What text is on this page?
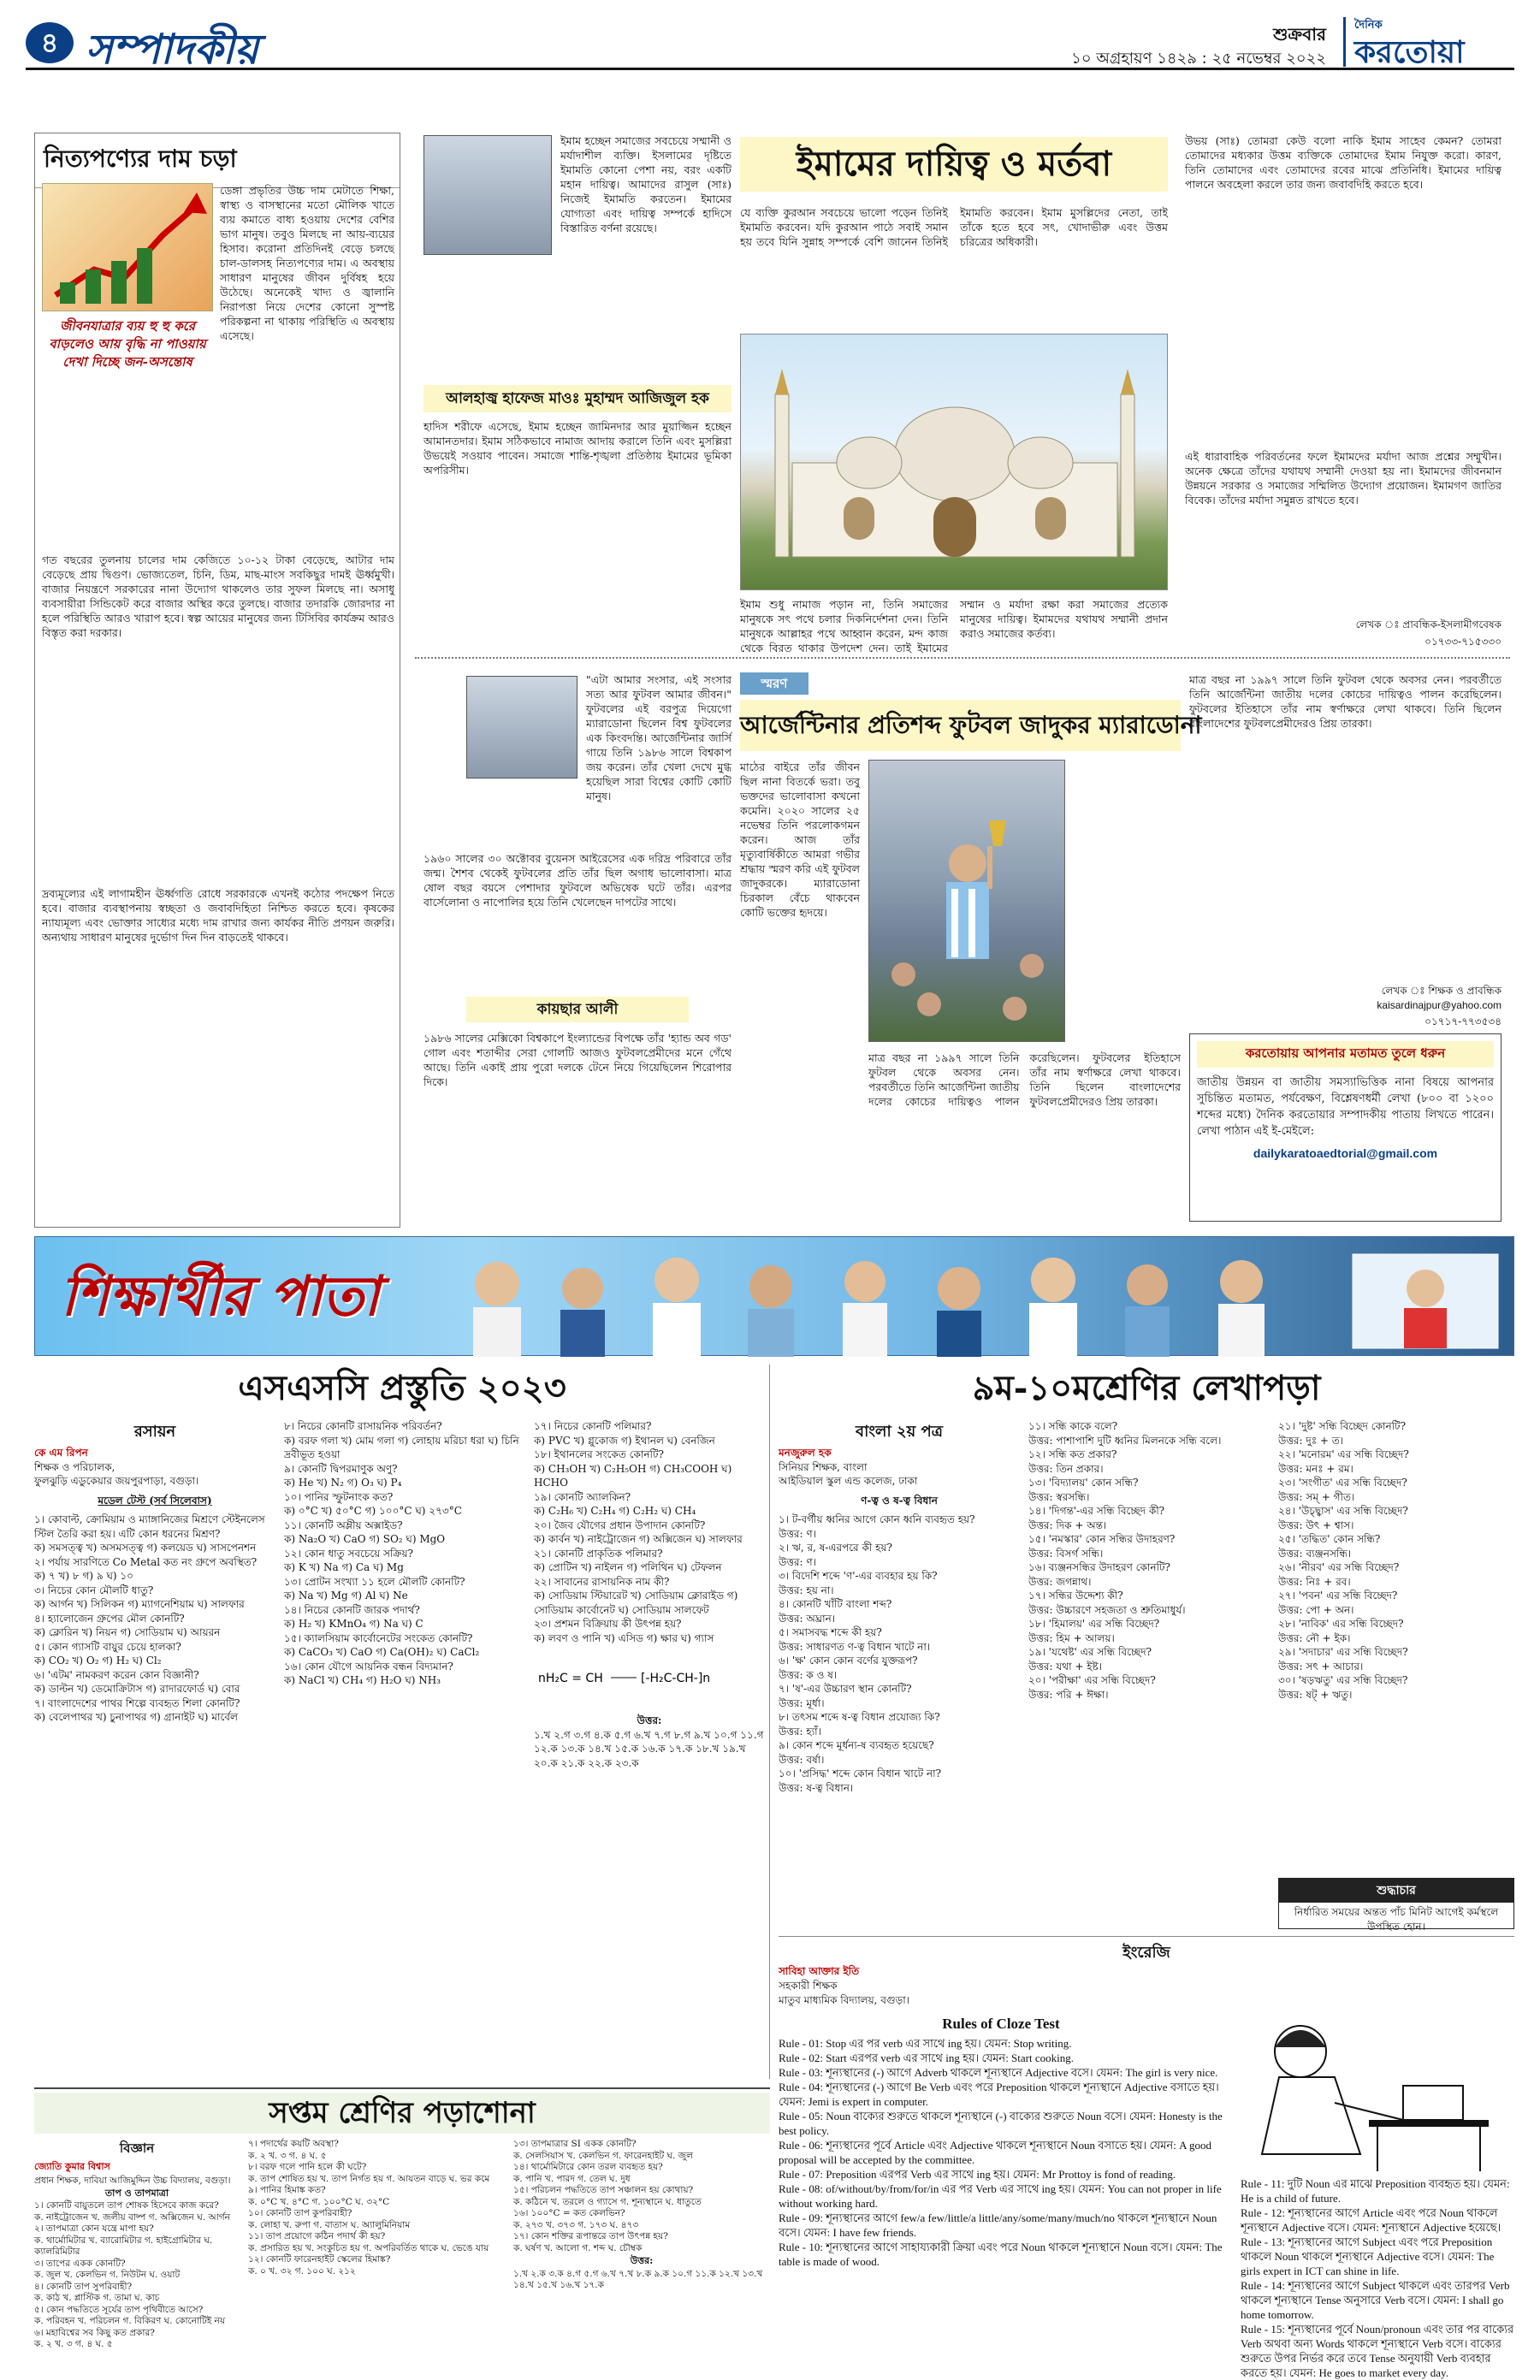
৪ সম্পাদকীয়	শুক্রবার
১০ অগ্রহায়ণ ১৪২৯ : ২৫ নভেম্বর ২০২২
দৈনিক
করতোয়া
নিত্যপণ্যের দাম চড়া
জীবনযাত্রার ব্যয় হু হু করে বাড়লেও আয় বৃদ্ধি না পাওয়ায় দেখা দিচ্ছে জন-অসন্তোষ
ডেঙ্গা প্রভৃতির উচ্চ দাম মেটাতে শিক্ষা, স্বাস্থ্য ও বাসস্থানের মতো মৌলিক খাতে ব্যয় কমাতে বাধ্য হওয়ায় দেশের বেশির ভাগ মানুষ। তবুও মিলছে না আয়-ব্যয়ের হিসাব। করোনা প্রতিদিনই বেড়ে চলছে চাল-ডালসহ নিত্যপণ্যের দাম। এ অবস্থায় সাধারণ মানুষের জীবন দুর্বিষহ হয়ে উঠেছে। অনেকেই খাদ্য ও জ্বালানি নিরাপত্তা নিয়ে দেশের কোনো সুস্পষ্ট পরিকল্পনা না থাকায় পরিস্থিতি এ অবস্থায় এসেছে।
গত বছরের তুলনায় চালের দাম কেজিতে ১০-১২ টাকা বেড়েছে, আটার দাম বেড়েছে প্রায় দ্বিগুণ। ভোজ্যতেল, চিনি, ডিম, মাছ-মাংস সবকিছুর দামই ঊর্ধ্বমুখী। বাজার নিয়ন্ত্রণে সরকারের নানা উদ্যোগ থাকলেও তার সুফল মিলছে না। অসাধু ব্যবসায়ীরা সিন্ডিকেট করে বাজার অস্থির করে তুলছে। বাজার তদারকি জোরদার না হলে পরিস্থিতি আরও খারাপ হবে। স্বল্প আয়ের মানুষের জন্য টিসিবির কার্যক্রম আরও বিস্তৃত করা দরকার।
দ্রব্যমূল্যের এই লাগামহীন ঊর্ধ্বগতি রোধে সরকারকে এখনই কঠোর পদক্ষেপ নিতে হবে। বাজার ব্যবস্থাপনায় স্বচ্ছতা ও জবাবদিহিতা নিশ্চিত করতে হবে। কৃষকের ন্যায্যমূল্য এবং ভোক্তার সাধ্যের মধ্যে দাম রাখার জন্য কার্যকর নীতি প্রণয়ন জরুরি। অন্যথায় সাধারণ মানুষের দুর্ভোগ দিন দিন বাড়তেই থাকবে।
ইমাম হচ্ছেন সমাজের সবচেয়ে সম্মানী ও মর্যাদাশীল ব্যক্তি। ইসলামের দৃষ্টিতে ইমামতি কোনো পেশা নয়, বরং একটি মহান দায়িত্ব। আমাদের রাসুল (সাঃ) নিজেই ইমামতি করতেন। ইমামের যোগ্যতা এবং দায়িত্ব সম্পর্কে হাদিসে বিস্তারিত বর্ণনা রয়েছে।
ইমামের দায়িত্ব ও মর্তবা
যে ব্যক্তি কুরআন সবচেয়ে ভালো পড়েন তিনিই ইমামতি করবেন। যদি কুরআন পাঠে সবাই সমান হয় তবে যিনি সুন্নাহ সম্পর্কে বেশি জানেন তিনিই ইমামতি করবেন। ইমাম মুসল্লিদের নেতা, তাই তাঁকে হতে হবে সৎ, খোদাভীরু এবং উত্তম চরিত্রের অধিকারী।
উভয় (সাঃ) তোমরা কেউ বলো নাকি ইমাম সাহেব কেমন? তোমরা তোমাদের মধ্যকার উত্তম ব্যক্তিকে তোমাদের ইমাম নিযুক্ত করো। কারণ, তিনি তোমাদের এবং তোমাদের রবের মাঝে প্রতিনিধি। ইমামের দায়িত্ব পালনে অবহেলা করলে তার জন্য জবাবদিহি করতে হবে।
আলহাজ্ব হাফেজ মাওঃ মুহাম্মদ আজিজুল হক
হাদিস শরীফে এসেছে, ইমাম হচ্ছেন জামিনদার আর মুয়াজ্জিন হচ্ছেন আমানতদার। ইমাম সঠিকভাবে নামাজ আদায় করালে তিনি এবং মুসল্লিরা উভয়েই সওয়াব পাবেন। সমাজে শান্তি-শৃঙ্খলা প্রতিষ্ঠায় ইমামের ভূমিকা অপরিসীম।
ইমাম শুধু নামাজ পড়ান না, তিনি সমাজের মানুষকে সৎ পথে চলার দিকনির্দেশনা দেন। তিনি মানুষকে আল্লাহর পথে আহ্বান করেন, মন্দ কাজ থেকে বিরত থাকার উপদেশ দেন। তাই ইমামের সম্মান ও মর্যাদা রক্ষা করা সমাজের প্রত্যেক মানুষের দায়িত্ব। ইমামদের যথাযথ সম্মানী প্রদান করাও সমাজের কর্তব্য।
এই ধারাবাহিক পরিবর্তনের ফলে ইমামদের মর্যাদা আজ প্রশ্নের সম্মুখীন। অনেক ক্ষেত্রে তাঁদের যথাযথ সম্মানী দেওয়া হয় না। ইমামদের জীবনমান উন্নয়নে সরকার ও সমাজের সম্মিলিত উদ্যোগ প্রয়োজন। ইমামগণ জাতির বিবেক। তাঁদের মর্যাদা সমুন্নত রাখতে হবে।
লেখক ঃ প্রাবন্ধিক-ইসলামীগবেষক
০১৭৩৩-৭১৫৩৩০
"এটা আমার সংসার, এই সংসার সত্য আর ফুটবল আমার জীবন।" ফুটবলের এই বরপুত্র দিয়েগো ম্যারাডোনা ছিলেন বিশ্ব ফুটবলের এক কিংবদন্তি। আর্জেন্টিনার জার্সি গায়ে তিনি ১৯৮৬ সালে বিশ্বকাপ জয় করেন। তাঁর খেলা দেখে মুগ্ধ হয়েছিল সারা বিশ্বের কোটি কোটি মানুষ।
স্মরণ
আর্জেন্টিনার প্রতিশব্দ ফুটবল জাদুকর ম্যারাডোনা
১৯৬০ সালের ৩০ অক্টোবর বুয়েনস আইরেসের এক দরিদ্র পরিবারে তাঁর জন্ম। শৈশব থেকেই ফুটবলের প্রতি তাঁর ছিল অগাধ ভালোবাসা। মাত্র ষোল বছর বয়সে পেশাদার ফুটবলে অভিষেক ঘটে তাঁর। এরপর বার্সেলোনা ও নাপোলির হয়ে তিনি খেলেছেন দাপটের সাথে।
কায়ছার আলী
১৯৮৬ সালের মেক্সিকো বিশ্বকাপে ইংল্যান্ডের বিপক্ষে তাঁর 'হ্যান্ড অব গড' গোল এবং শতাব্দীর সেরা গোলটি আজও ফুটবলপ্রেমীদের মনে গেঁথে আছে। তিনি একাই প্রায় পুরো দলকে টেনে নিয়ে গিয়েছিলেন শিরোপার দিকে।
মাঠের বাইরে তাঁর জীবন ছিল নানা বিতর্কে ভরা। তবু ভক্তদের ভালোবাসা কখনো কমেনি। ২০২০ সালের ২৫ নভেম্বর তিনি পরলোকগমন করেন। আজ তাঁর মৃত্যুবার্ষিকীতে আমরা গভীর শ্রদ্ধায় স্মরণ করি এই ফুটবল জাদুকরকে। ম্যারাডোনা চিরকাল বেঁচে থাকবেন কোটি ভক্তের হৃদয়ে।
মাত্র বছর না ১৯৯৭ সালে তিনি ফুটবল থেকে অবসর নেন। পরবর্তীতে তিনি আর্জেন্টিনা জাতীয় দলের কোচের দায়িত্বও পালন করেছিলেন। ফুটবলের ইতিহাসে তাঁর নাম স্বর্ণাক্ষরে লেখা থাকবে। তিনি ছিলেন বাংলাদেশের ফুটবলপ্রেমীদেরও প্রিয় তারকা।
মাত্র বছর না ১৯৯৭ সালে তিনি ফুটবল থেকে অবসর নেন। পরবর্তীতে তিনি আর্জেন্টিনা জাতীয় দলের কোচের দায়িত্বও পালন করেছিলেন। ফুটবলের ইতিহাসে তাঁর নাম স্বর্ণাক্ষরে লেখা থাকবে। তিনি ছিলেন বাংলাদেশের ফুটবলপ্রেমীদেরও প্রিয় তারকা।
লেখক ঃ শিক্ষক ও প্রাবন্ধিক
kaisardinajpur@yahoo.com
০১৭১৭-৭৭৩৫৩৪
করতোয়ায় আপনার মতামত তুলে ধরুন
জাতীয় উন্নয়ন বা জাতীয় সমস্যাভিত্তিক নানা বিষয়ে আপনার সুচিন্তিত মতামত, পর্যবেক্ষণ, বিশ্লেষণধর্মী লেখা (৮০০ বা ১২০০ শব্দের মধ্যে) দৈনিক করতোয়ার সম্পাদকীয় পাতায় লিখতে পারেন। লেখা পাঠান এই ই-মেইলে:
dailykaratoaedtorial@gmail.com
শিক্ষার্থীর পাতা
এসএসসি প্রস্তুতি ২০২৩
রসায়ন
কে এম রিপন
শিক্ষক ও পরিচালক,
ফুলঝুড়ি এডুকেয়ার জয়পুরপাড়া, বগুড়া।
মডেল টেস্ট (সর্ব সিলেবাস)

১। কোবাল্ট, ক্রোমিয়াম ও ম্যাঙ্গানিজের মিশ্রণে স্টেইনলেস স্টিল তৈরি করা হয়। এটি কোন ধরনের মিশ্রণ?

ক) সমসত্ত্ব খ) অসমসত্ত্ব গ) কলয়েড ঘ) সাসপেনশন

২। পর্যায় সারণিতে Co Metal কত নং গ্রুপে অবস্থিত?

ক) ৭ খ) ৮ গ) ৯ ঘ) ১০

৩। নিচের কোন মৌলটি ধাতু?

ক) আর্গন খ) সিলিকন গ) ম্যাগনেশিয়াম ঘ) সালফার

৪। হ্যালোজেন গ্রুপের মৌল কোনটি?

ক) ক্লোরিন খ) নিয়ন গ) সোডিয়াম ঘ) আয়রন

৫। কোন গ্যাসটি বায়ুর চেয়ে হালকা?

ক) CO₂ খ) O₂ গ) H₂ ঘ) Cl₂

৬। 'এটম' নামকরণ করেন কোন বিজ্ঞানী?

ক) ডাল্টন খ) ডেমোক্রিটাস গ) রাদারফোর্ড ঘ) বোর

৭। বাংলাদেশের পাথর শিল্পে ব্যবহৃত শিলা কোনটি?

ক) বেলেপাথর খ) চুনাপাথর গ) গ্রানাইট ঘ) মার্বেল

৮। নিচের কোনটি রাসায়নিক পরিবর্তন?

ক) বরফ গলা খ) মোম গলা গ) লোহায় মরিচা ধরা ঘ) চিনি দ্রবীভূত হওয়া

৯। কোনটি দ্বিপরমাণুক অণু?

ক) He খ) N₂ গ) O₃ ঘ) P₄

১০। পানির স্ফুটনাংক কত?

ক) ০°C খ) ৫০°C গ) ১০০°C ঘ) ২৭৩°C

১১। কোনটি অম্লীয় অক্সাইড?

ক) Na₂O খ) CaO গ) SO₂ ঘ) MgO

১২। কোন ধাতু সবচেয়ে সক্রিয়?

ক) K খ) Na গ) Ca ঘ) Mg

১৩। প্রোটন সংখ্যা ১১ হলে মৌলটি কোনটি?

ক) Na খ) Mg গ) Al ঘ) Ne

১৪। নিচের কোনটি জারক পদার্থ?

ক) H₂ খ) KMnO₄ গ) Na ঘ) C

১৫। ক্যালসিয়াম কার্বোনেটের সংকেত কোনটি?

ক) CaCO₃ খ) CaO গ) Ca(OH)₂ ঘ) CaCl₂

১৬। কোন যৌগে আয়নিক বন্ধন বিদ্যমান?

ক) NaCl খ) CH₄ গ) H₂O ঘ) NH₃

১৭। নিচের কোনটি পলিমার?

ক) PVC খ) গ্লুকোজ গ) ইথানল ঘ) বেনজিন

১৮। ইথানলের সংকেত কোনটি?

ক) CH₃OH খ) C₂H₅OH গ) CH₃COOH ঘ) HCHO

১৯। কোনটি অ্যালকিন?

ক) C₂H₆ খ) C₂H₄ গ) C₂H₂ ঘ) CH₄

২০। জৈব যৌগের প্রধান উপাদান কোনটি?

ক) কার্বন খ) নাইট্রোজেন গ) অক্সিজেন ঘ) সালফার

২১। কোনটি প্রাকৃতিক পলিমার?

ক) প্রোটিন খ) নাইলন গ) পলিথিন ঘ) টেফলন

২২। সাবানের রাসায়নিক নাম কী?

ক) সোডিয়াম স্টিয়ারেট খ) সোডিয়াম ক্লোরাইড গ) সোডিয়াম কার্বোনেট ঘ) সোডিয়াম সালফেট

২৩। প্রশমন বিক্রিয়ায় কী উৎপন্ন হয়?

ক) লবণ ও পানি খ) এসিড গ) ক্ষার ঘ) গ্যাস

nH₂C = CH	[-H₂C-CH-]n
উত্তর:
১.খ ২.গ ৩.গ ৪.ক ৫.গ ৬.খ ৭.গ ৮.গ ৯.খ ১০.গ ১১.গ ১২.ক ১৩.ক ১৪.খ ১৫.ক ১৬.ক ১৭.ক ১৮.খ ১৯.খ ২০.ক ২১.ক ২২.ক ২৩.ক
৯ম-১০মশ্রেণির লেখাপড়া
বাংলা ২য় পত্র
মনজুরুল হক
সিনিয়র শিক্ষক, বাংলা
আইডিয়াল স্কুল এন্ড কলেজ, ঢাকা
ণ-ত্ব ও ষ-ত্ব বিধান

১। ট-বর্গীয় ধ্বনির আগে কোন ধ্বনি ব্যবহৃত হয়?

উত্তর: ণ।

২। ঋ, র, ষ-এরপরে কী হয়?

উত্তর: ণ।

৩। বিদেশি শব্দে 'ণ'-এর ব্যবহার হয় কি?

উত্তর: হয় না।

৪। কোনটি খাঁটি বাংলা শব্দ?

উত্তর: অঘ্রান।

৫। সমাসবদ্ধ শব্দে কী হয়?

উত্তর: সাধারণত ণ-ত্ব বিধান খাটে না।

৬। 'ক্ষ' কোন কোন বর্ণের যুক্তরূপ?

উত্তর: ক ও ষ।

৭। 'ষ'-এর উচ্চারণ স্থান কোনটি?

উত্তর: মূর্ধা।

৮। তৎসম শব্দে ষ-ত্ব বিধান প্রযোজ্য কি?

উত্তর: হ্যাঁ।

৯। কোন শব্দে মূর্ধন্য-ষ ব্যবহৃত হয়েছে?

উত্তর: বর্ষা।

১০। 'প্রসিদ্ধ' শব্দে কোন বিধান খাটে না?

উত্তর: ষ-ত্ব বিধান।

১১। সন্ধি কাকে বলে?

উত্তর: পাশাপাশি দুটি ধ্বনির মিলনকে সন্ধি বলে।

১২। সন্ধি কত প্রকার?

উত্তর: তিন প্রকার।

১৩। 'বিদ্যালয়' কোন সন্ধি?

উত্তর: স্বরসন্ধি।

১৪। 'দিগন্ত'-এর সন্ধি বিচ্ছেদ কী?

উত্তর: দিক + অন্ত।

১৫। 'নমস্কার' কোন সন্ধির উদাহরণ?

উত্তর: বিসর্গ সন্ধি।

১৬। ব্যঞ্জনসন্ধির উদাহরণ কোনটি?

উত্তর: জগন্নাথ।

১৭। সন্ধির উদ্দেশ্য কী?

উত্তর: উচ্চারণে সহজতা ও শ্রুতিমাধুর্য।

১৮। 'হিমালয়' এর সন্ধি বিচ্ছেদ?

উত্তর: হিম + আলয়।

১৯। 'যথেষ্ট' এর সন্ধি বিচ্ছেদ?

উত্তর: যথা + ইষ্ট।

২০। 'পরীক্ষা' এর সন্ধি বিচ্ছেদ?

উত্তর: পরি + ঈক্ষা।

২১। 'দুষ্ট' সন্ধি বিচ্ছেদ কোনটি?

উত্তর: দুঃ + ত।

২২। 'মনোরম' এর সন্ধি বিচ্ছেদ?

উত্তর: মনঃ + রম।

২৩। 'সংগীত' এর সন্ধি বিচ্ছেদ?

উত্তর: সম্ + গীত।

২৪। 'উচ্ছ্বাস' এর সন্ধি বিচ্ছেদ?

উত্তর: উৎ + শ্বাস।

২৫। 'তদ্ধিত' কোন সন্ধি?

উত্তর: ব্যঞ্জনসন্ধি।

২৬। 'নীরব' এর সন্ধি বিচ্ছেদ?

উত্তর: নিঃ + রব।

২৭। 'পবন' এর সন্ধি বিচ্ছেদ?

উত্তর: পো + অন।

২৮। 'নাবিক' এর সন্ধি বিচ্ছেদ?

উত্তর: নৌ + ইক।

২৯। 'সদাচার' এর সন্ধি বিচ্ছেদ?

উত্তর: সৎ + আচার।

৩০। 'ষড়ঋতু' এর সন্ধি বিচ্ছেদ?

উত্তর: ষট্ + ঋতু।

শুদ্ধাচার
নির্ধারিত সময়ের অন্তত পাঁচ মিনিট আগেই কর্মস্থলে উপস্থিত হোন।
ইংরেজি
সাবিহা আক্তার ইতি
সহকারী শিক্ষক
মাতুব মাধ্যমিক বিদ্যালয়, বগুড়া।
Rules of Cloze Test

Rule - 01: Stop এর পর verb এর সাথে ing হয়। যেমন: Stop writing.

Rule - 02: Start এরপর verb এর সাথে ing হয়। যেমন: Start cooking.

Rule - 03: শূন্যস্থানের (-) আগে Adverb থাকলে শূন্যস্থানে Adjective বসে। যেমন: The girl is very nice.

Rule - 04: শূন্যস্থানের (-) আগে Be Verb এবং পরে Preposition থাকলে শূন্যস্থানে Adjective বসাতে হয়। যেমন: Jemi is expert in computer.

Rule - 05: Noun বাক্যের শুরুতে থাকলে শূন্যস্থানে (-) বাক্যের শুরুতে Noun বসে। যেমন: Honesty is the best policy.

Rule - 06: শূন্যস্থানের পূর্বে Article এবং Adjective থাকলে শূন্যস্থানে Noun বসাতে হয়। যেমন: A good proposal will be accepted by the committee.

Rule - 07: Preposition এরপর Verb এর সাথে ing হয়। যেমন: Mr Prottoy is fond of reading.

Rule - 08: of/without/by/from/for/in এর পর Verb এর সাথে ing হয়। যেমন: You can not proper in life without working hard.

Rule - 09: শূন্যস্থানের আগে few/a few/little/a little/any/some/many/much/no থাকলে শূন্যস্থানে Noun বসে। যেমন: I have few friends.

Rule - 10: শূন্যস্থানের আগে সাহায্যকারী ক্রিয়া এবং পরে Noun থাকলে শূন্যস্থানে Noun বসে। যেমন: The table is made of wood.

Rule - 11: দুটি Noun এর মাঝে Preposition ব্যবহৃত হয়। যেমন: He is a child of future.

Rule - 12: শূন্যস্থানের আগে Article এবং পরে Noun থাকলে শূন্যস্থানে Adjective বসে। যেমন: শূন্যস্থানে Adjective হয়েছে।

Rule - 13: শূন্যস্থানের আগে Subject এবং পরে Preposition থাকলে Noun থাকলে শূন্যস্থানে Adjective বসে। যেমন: The girls expert in ICT can shine in life.

Rule - 14: শূন্যস্থানের আগে Subject থাকলে এবং তারপর Verb থাকলে শূন্যস্থানে Tense অনুসারে Verb বসে। যেমন: I shall go home tomorrow.

Rule - 15: শূন্যস্থানের পূর্বে Noun/pronoun এবং তার পর বাক্যের Verb অথবা অন্য Words থাকলে শূন্যস্থানে Verb বসে। বাক্যের শুরুতে উপর নির্ভর করে তবে Tense অনুযায়ী Verb ব্যবহার করতে হয়। যেমন: He goes to market every day.

সপ্তম শ্রেণির পড়াশোনা
বিজ্ঞান
জ্যোতি কুমার বিশ্বাস
প্রধান শিক্ষক, দাবিয়া আজিমুদ্দিন উচ্চ বিদ্যালয়, বগুড়া।
তাপ ও তাপমাত্রা

১। কোনটি বায়ুতলে তাপ শোষক হিসেবে কাজ করে?

ক. নাইট্রোজেন খ. জলীয় বাষ্প গ. অক্সিজেন ঘ. আর্গন

২। তাপমাত্রা কোন যন্ত্রে মাপা হয়?

ক. থার্মোমিটার খ. ব্যারোমিটার গ. হাইগ্রোমিটার ঘ. ক্যালরিমিটার

৩। তাপের একক কোনটি?

ক. জুল খ. কেলভিন গ. নিউটন ঘ. ওয়াট

৪। কোনটি তাপ সুপরিবাহী?

ক. কাঠ খ. প্লাস্টিক গ. তামা ঘ. কাচ

৫। কোন পদ্ধতিতে সূর্যের তাপ পৃথিবীতে আসে?

ক. পরিবহন খ. পরিচলন গ. বিকিরণ ঘ. কোনোটিই নয়

৬। মহাবিশ্বের সব কিছু কত প্রকার?

ক. ২ খ. ৩ গ. ৪ ঘ. ৫

৭। পদার্থের কয়টি অবস্থা?

ক. ২ খ. ৩ গ. ৪ ঘ. ৫

৮। বরফ গলে পানি হলে কী ঘটে?

ক. তাপ শোষিত হয় খ. তাপ নির্গত হয় গ. আয়তন বাড়ে ঘ. ভর কমে

৯। পানির হিমাঙ্ক কত?

ক. ০°C খ. ৪°C গ. ১০০°C ঘ. ৩২°C

১০। কোনটি তাপ কুপরিবাহী?

ক. লোহা খ. রুপা গ. বাতাস ঘ. অ্যালুমিনিয়াম

১১। তাপ প্রয়োগে কঠিন পদার্থ কী হয়?

ক. প্রসারিত হয় খ. সংকুচিত হয় গ. অপরিবর্তিত থাকে ঘ. ভেঙে যায়

১২। কোনটি ফারেনহাইট স্কেলের হিমাঙ্ক?

ক. ০ খ. ৩২ গ. ১০০ ঘ. ২১২

১৩। তাপমাত্রার SI একক কোনটি?

ক. সেলসিয়াস খ. কেলভিন গ. ফারেনহাইট ঘ. জুল

১৪। থার্মোমিটারে কোন তরল ব্যবহৃত হয়?

ক. পানি খ. পারদ গ. তেল ঘ. দুধ

১৫। পরিচলন পদ্ধতিতে তাপ সঞ্চালন হয় কোথায়?

ক. কঠিনে খ. তরলে ও গ্যাসে গ. শূন্যস্থানে ঘ. ধাতুতে

১৬। ১০০°C = কত কেলভিন?

ক. ২৭৩ খ. ৩৭৩ গ. ১৭৩ ঘ. ৪৭৩

১৭। কোন শক্তির রূপান্তরে তাপ উৎপন্ন হয়?

ক. ঘর্ষণ খ. আলো গ. শব্দ ঘ. চৌম্বক

উত্তর:
১.খ ২.ক ৩.ক ৪.গ ৫.গ ৬.খ ৭.খ ৮.ক ৯.ক ১০.গ ১১.ক ১২.খ ১৩.খ ১৪.খ ১৫.খ ১৬.খ ১৭.ক
